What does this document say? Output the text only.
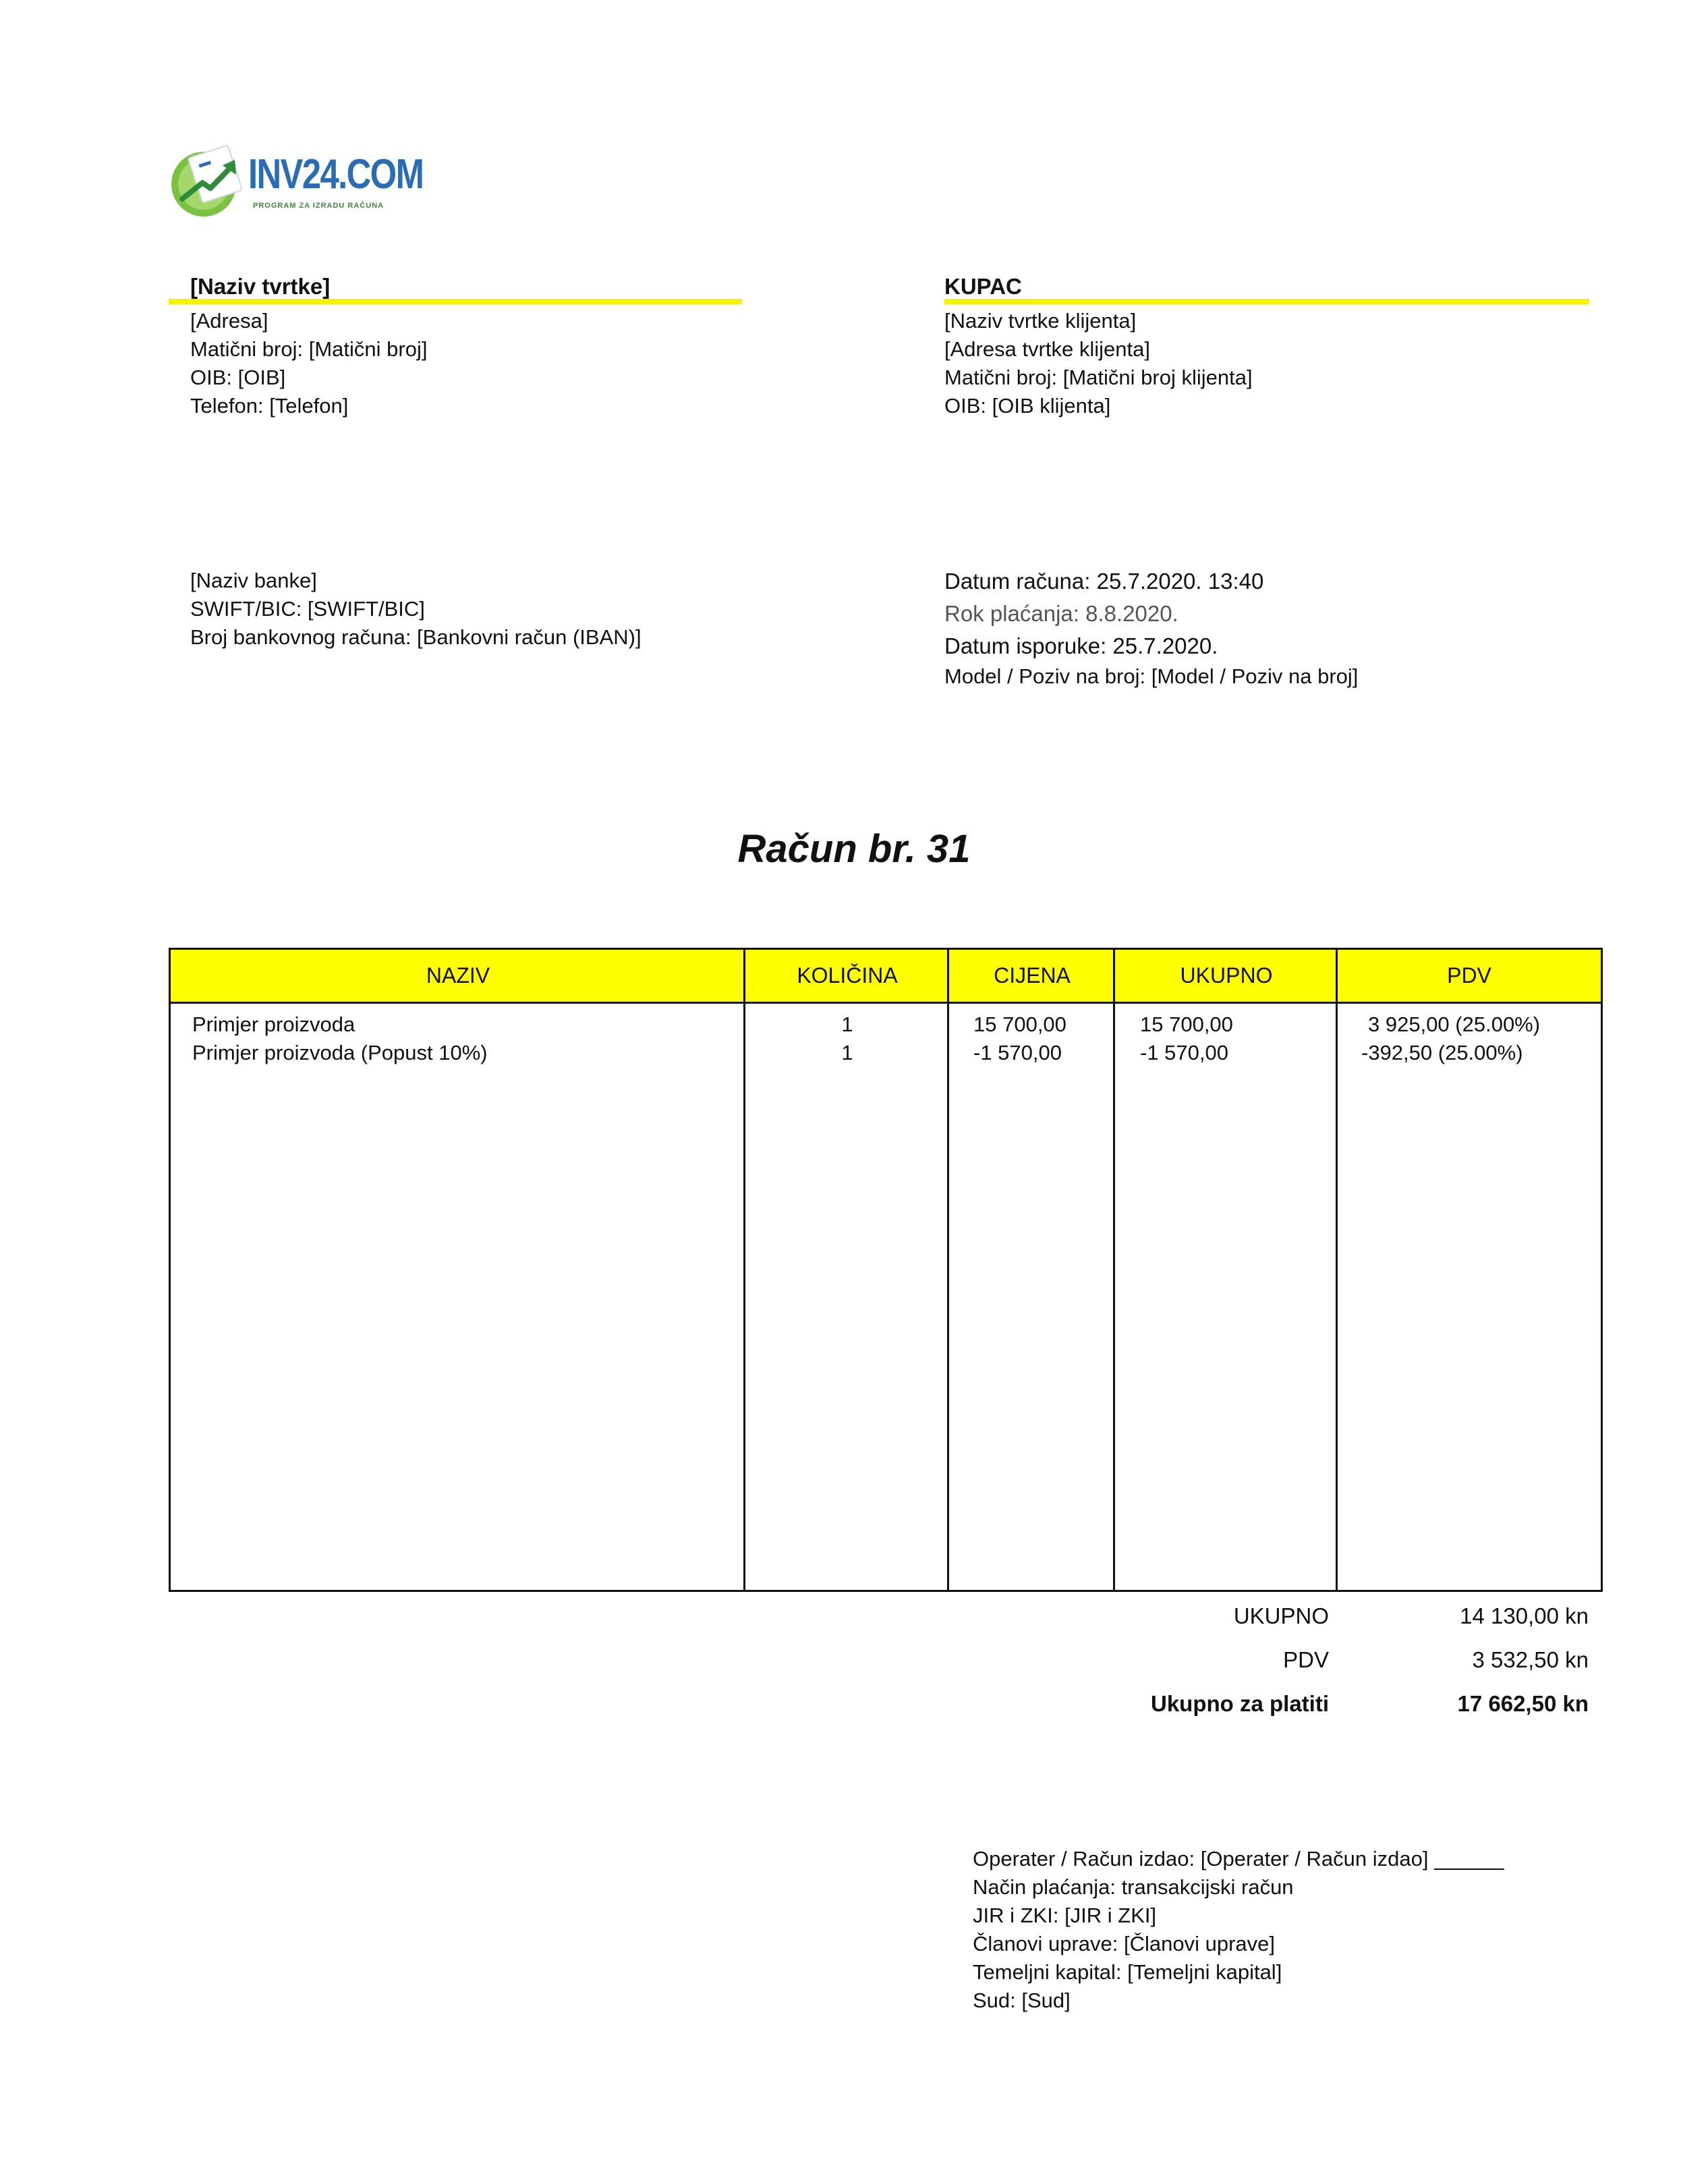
INV24.COM
PROGRAM ZA IZRADU RAČUNA
[Naziv tvrtke]
[Adresa]
Matični broj: [Matični broj]
OIB: [OIB]
Telefon: [Telefon]
KUPAC
[Naziv tvrtke klijenta]
[Adresa tvrtke klijenta]
Matični broj: [Matični broj klijenta]
OIB: [OIB klijenta]
[Naziv banke]
SWIFT/BIC: [SWIFT/BIC]
Broj bankovnog računa: [Bankovni račun (IBAN)]
Datum računa: 25.7.2020. 13:40
Rok plaćanja: 8.8.2020.
Datum isporuke: 25.7.2020.
Model / Poziv na broj: [Model / Poziv na broj]
Račun br. 31
NAZIV	KOLIČINA	CIJENA	UKUPNO	PDV
Primjer proizvoda	1	15 700,00	15 700,00	3 925,00 (25.00%)
Primjer proizvoda (Popust 10%)	1	-1 570,00	-1 570,00	-392,50 (25.00%)
UKUPNO	14 130,00 kn
PDV	3 532,50 kn
Ukupno za platiti	17 662,50 kn
Operater / Račun izdao: [Operater / Račun izdao] ______
Način plaćanja: transakcijski račun
JIR i ZKI: [JIR i ZKI]
Članovi uprave: [Članovi uprave]
Temeljni kapital: [Temeljni kapital]
Sud: [Sud]
